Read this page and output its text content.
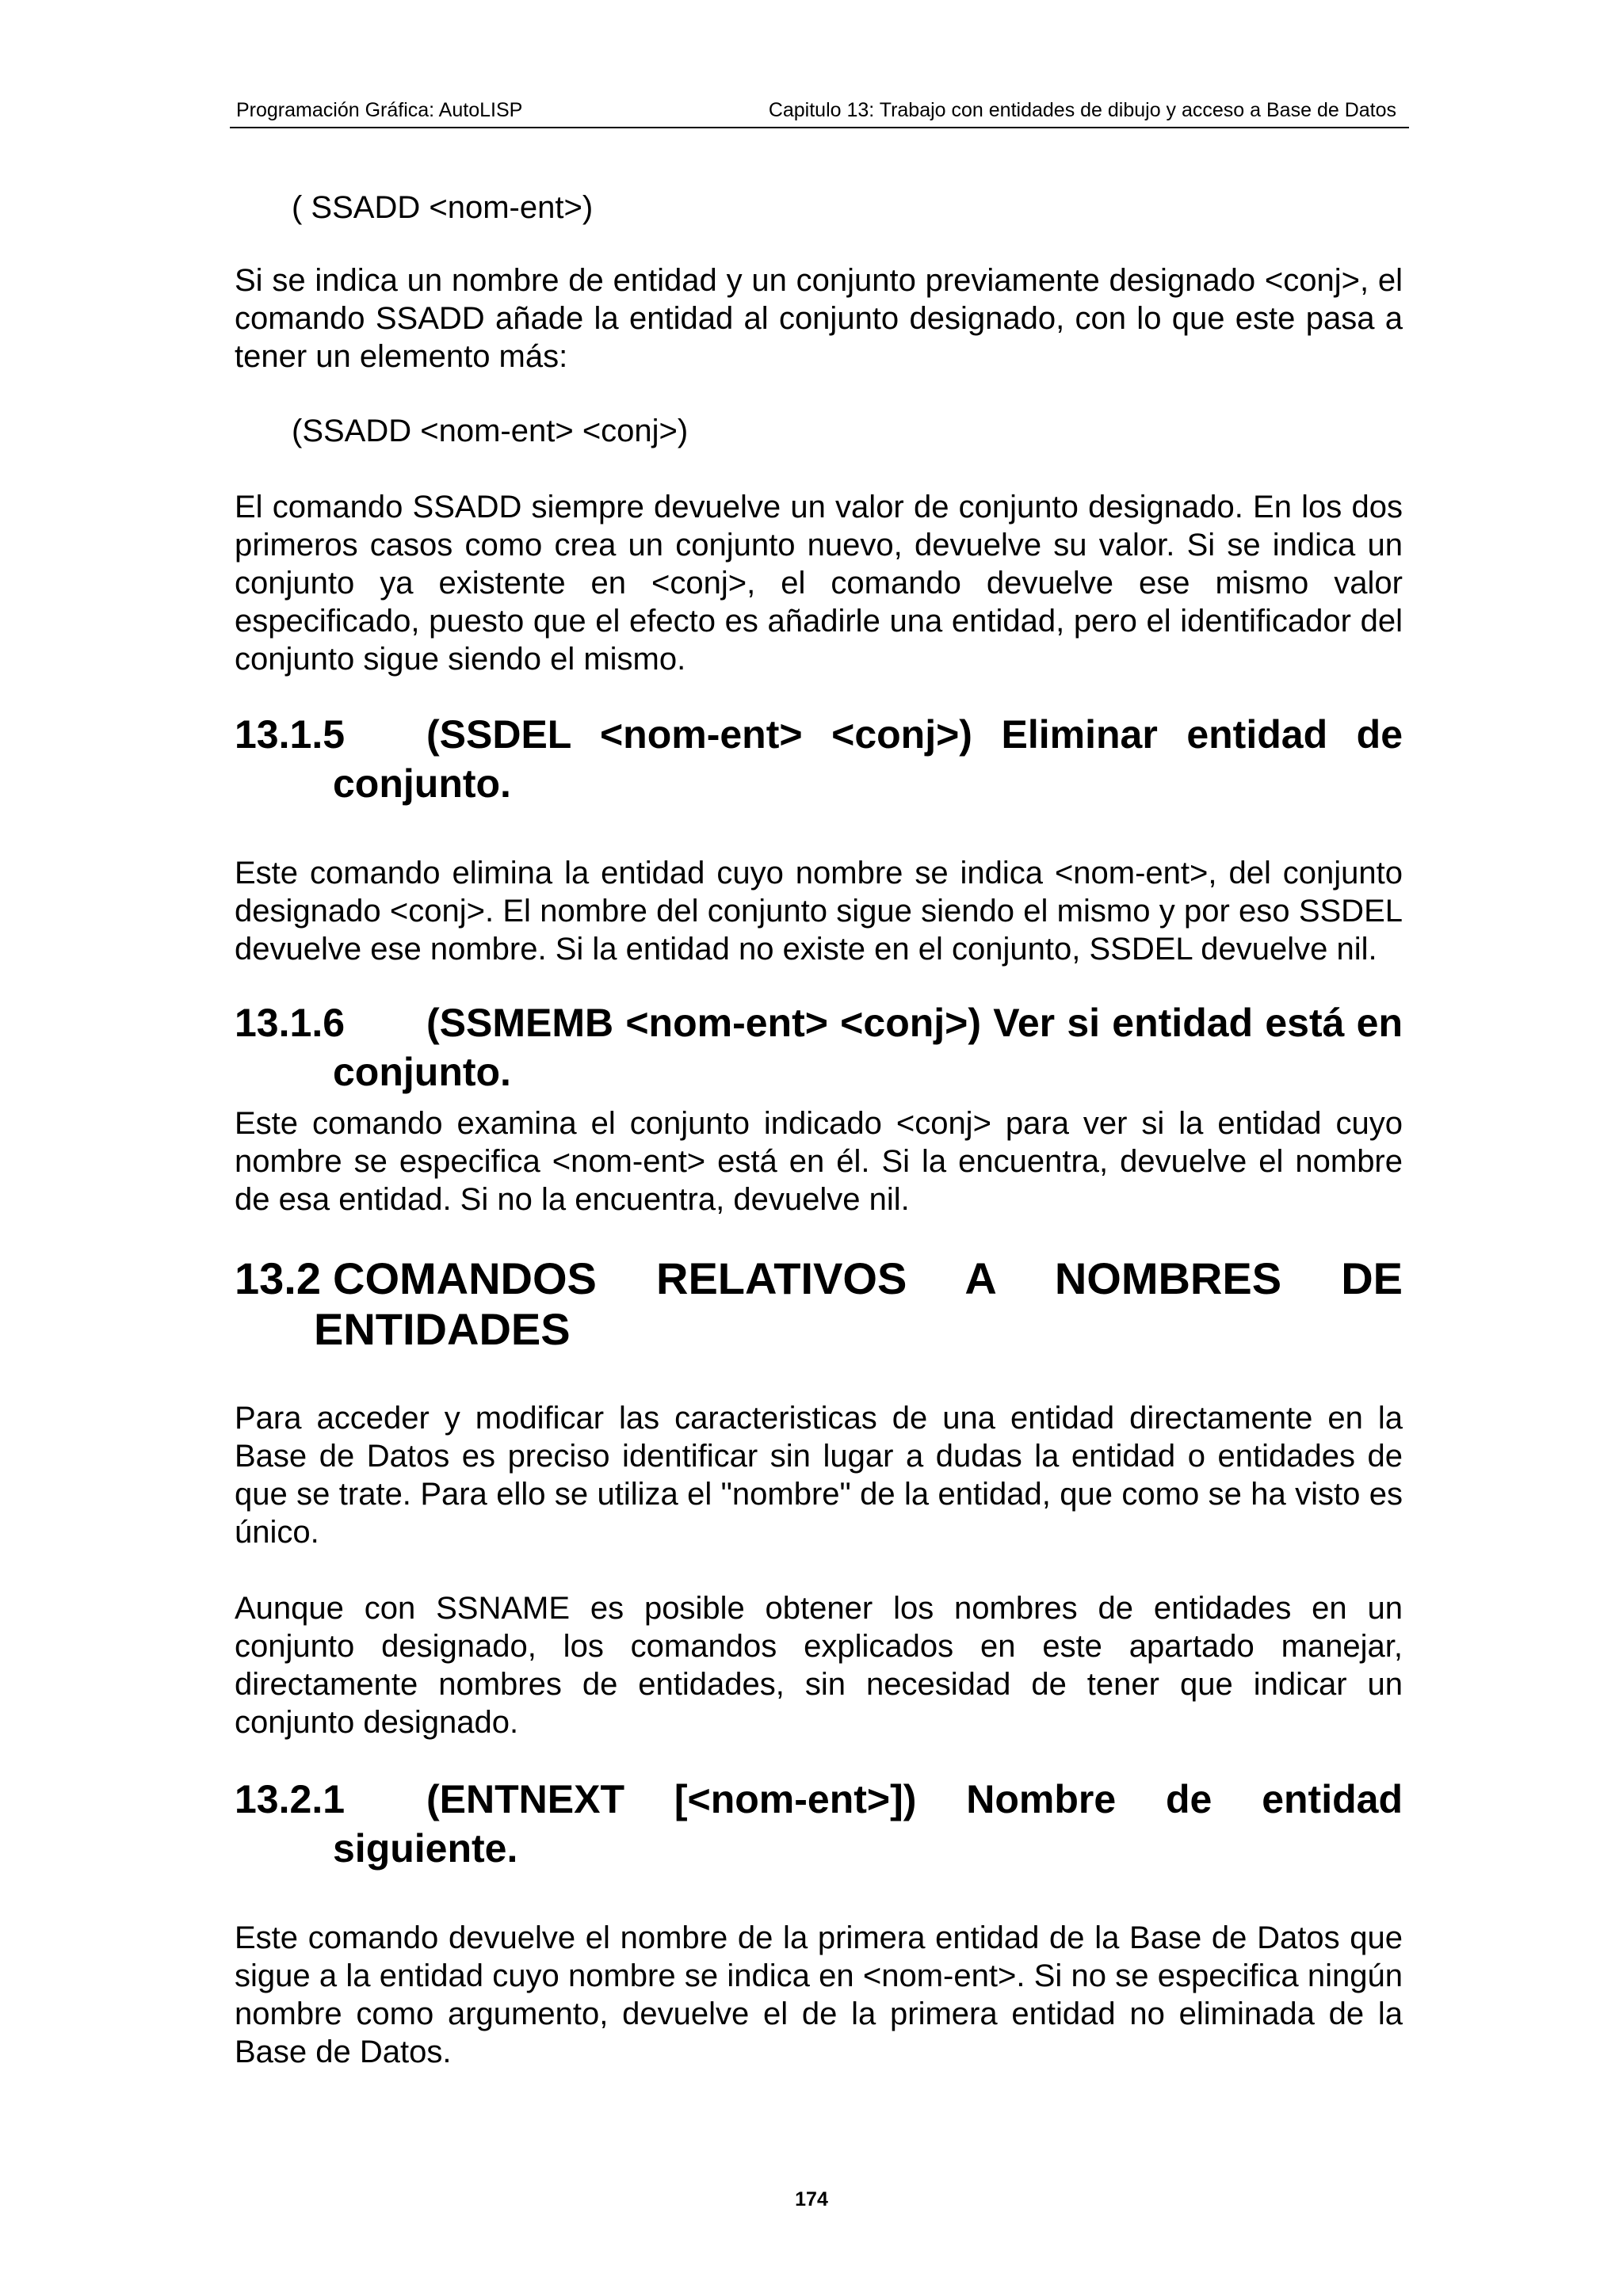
Programación Gráfica: AutoLISP	Capitulo 13: Trabajo con entidades de dibujo y acceso a Base de Datos

( SSADD <nom-ent>)

Si se indica un nombre de entidad y un conjunto previamente designado <conj>, el comando SSADD añade la entidad al conjunto designado, con lo que este pasa a tener un elemento más:

(SSADD <nom-ent> <conj>)

El comando SSADD siempre devuelve un valor de conjunto designado. En los dos primeros casos como crea un conjunto nuevo, devuelve su valor. Si se indica un conjunto ya existente en <conj>, el comando devuelve ese mismo valor especificado, puesto que el efecto es añadirle una entidad, pero el identificador del conjunto sigue siendo el mismo.

13.1.5 (SSDEL <nom-ent> <conj>) Eliminar entidad de conjunto.

Este comando elimina la entidad cuyo nombre se indica <nom-ent>, del conjunto designado <conj>. El nombre del conjunto sigue siendo el mismo y por eso SSDEL devuelve ese nombre. Si la entidad no existe en el conjunto, SSDEL devuelve nil.

13.1.6 (SSMEMB <nom-ent> <conj>) Ver si entidad está en conjunto.

Este comando examina el conjunto indicado <conj> para ver si la entidad cuyo nombre se especifica <nom-ent> está en él. Si la encuentra, devuelve el nombre de esa entidad. Si no la encuentra, devuelve nil.

13.2 COMANDOS RELATIVOS A NOMBRES DE ENTIDADES

Para acceder y modificar las caracteristicas de una entidad directamente en la Base de Datos es preciso identificar sin lugar a dudas la entidad o entidades de que se trate. Para ello se utiliza el "nombre" de la entidad, que como se ha visto es único.

Aunque con SSNAME es posible obtener los nombres de entidades en un conjunto designado, los comandos explicados en este apartado manejar, directamente nombres de entidades, sin necesidad de tener que indicar un conjunto designado.

13.2.1 (ENTNEXT [<nom-ent>]) Nombre de entidad siguiente.

Este comando devuelve el nombre de la primera entidad de la Base de Datos que sigue a la entidad cuyo nombre se indica en <nom-ent>. Si no se especifica ningún nombre como argumento, devuelve el de la primera entidad no eliminada de la Base de Datos.

174
